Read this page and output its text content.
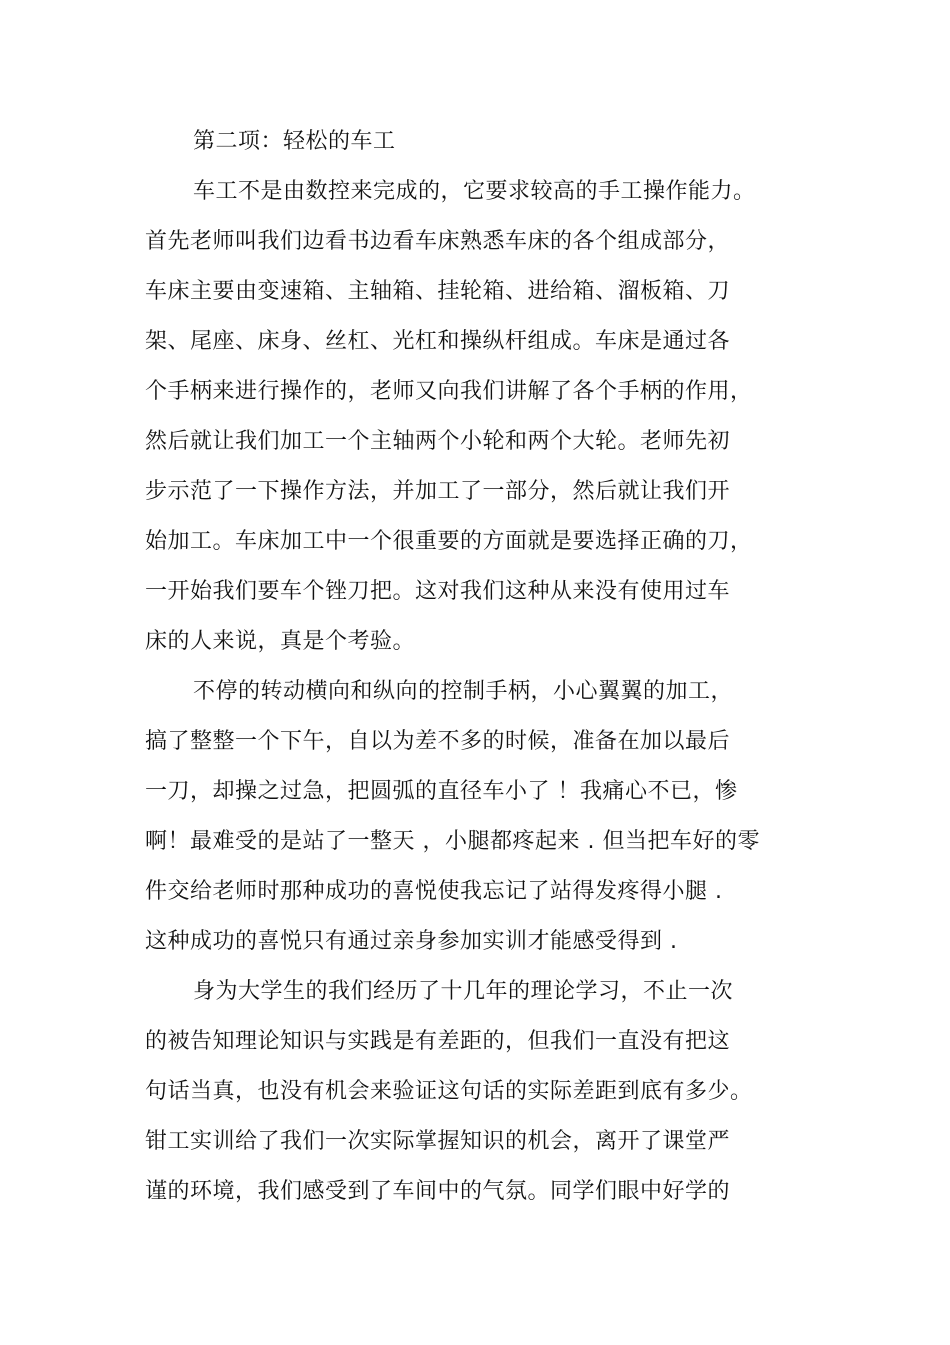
第二项：轻松的车工
车工不是由数控来完成的，它要求较高的手工操作能力。
首先老师叫我们边看书边看车床熟悉车床的各个组成部分，
车床主要由变速箱、主轴箱、挂轮箱、进给箱、溜板箱、刀
架、尾座、床身、丝杠、光杠和操纵杆组成。车床是通过各
个手柄来进行操作的，老师又向我们讲解了各个手柄的作用，
然后就让我们加工一个主轴两个小轮和两个大轮。老师先初
步示范了一下操作方法，并加工了一部分，然后就让我们开
始加工。车床加工中一个很重要的方面就是要选择正确的刀，
一开始我们要车个锉刀把。这对我们这种从来没有使用过车
床的人来说，真是个考验。
不停的转动横向和纵向的控制手柄，小心翼翼的加工，
搞了整整一个下午，自以为差不多的时候，准备在加以最后
一刀，却操之过急，把圆弧的直径车小了 ！我痛心不已，惨
啊！最难受的是站了一整天 ，小腿都疼起来 . 但当把车好的零
件交给老师时那种成功的喜悦使我忘记了站得发疼得小腿 .
这种成功的喜悦只有通过亲身参加实训才能感受得到 .
身为大学生的我们经历了十几年的理论学习，不止一次
的被告知理论知识与实践是有差距的，但我们一直没有把这
句话当真，也没有机会来验证这句话的实际差距到底有多少。
钳工实训给了我们一次实际掌握知识的机会，离开了课堂严
谨的环境，我们感受到了车间中的气氛。同学们眼中好学的
